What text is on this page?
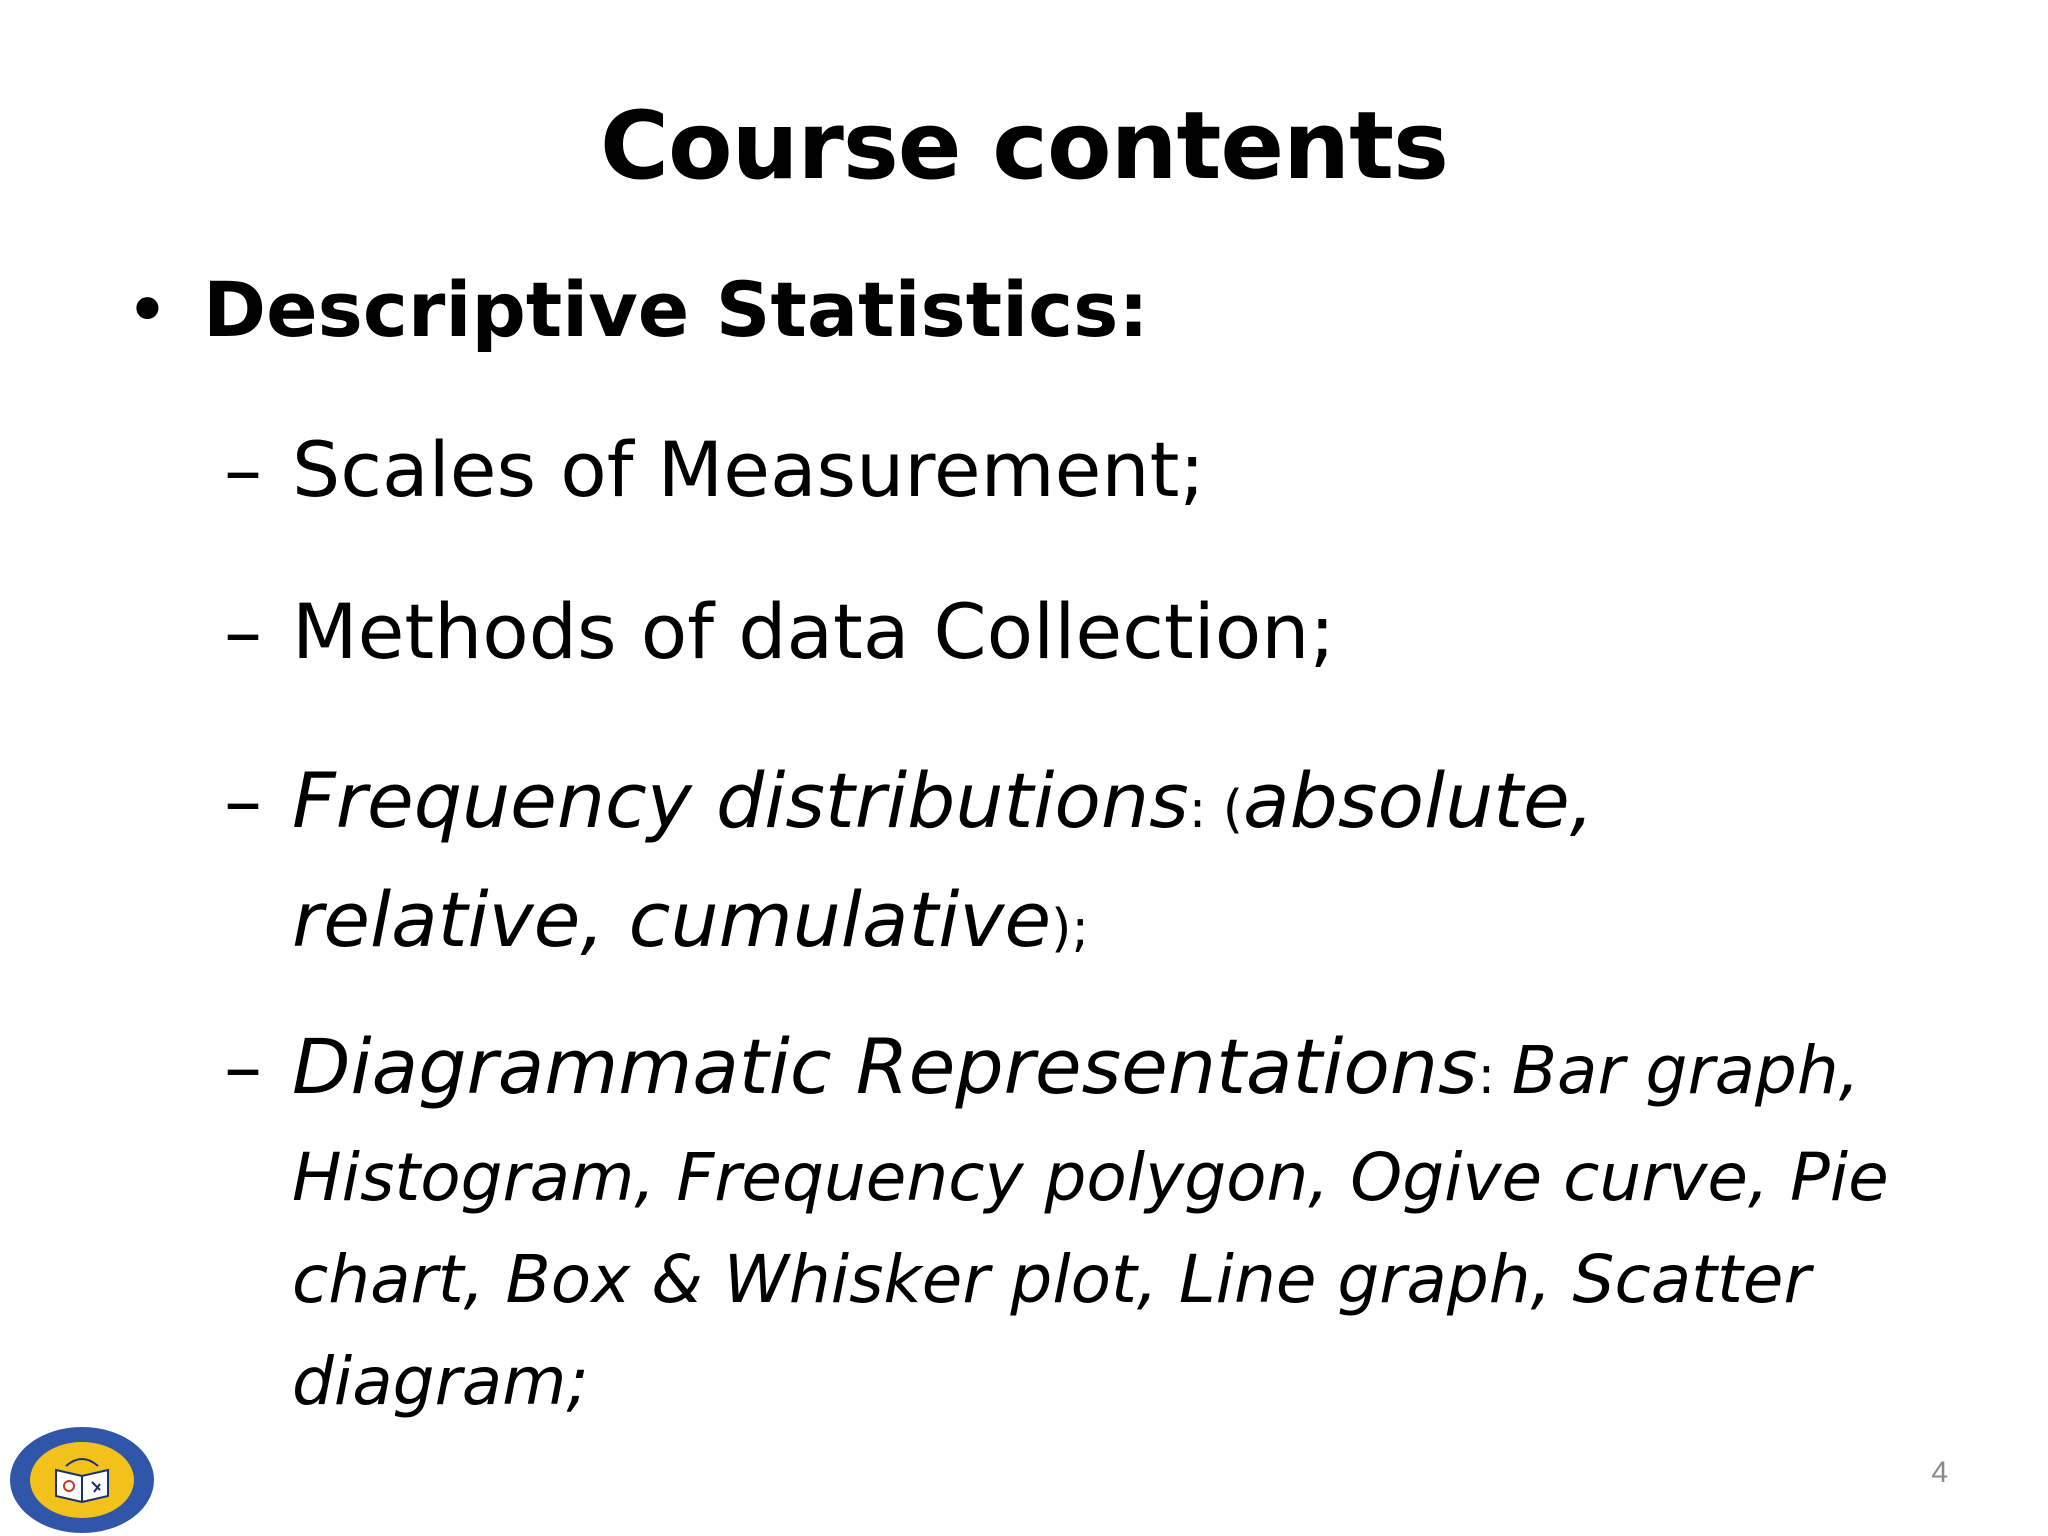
Course contents
• Descriptive Statistics:
– Scales of Measurement;
– Methods of data Collection;
– Frequency distributions: (absolute, relative, cumulative);
– Diagrammatic Representations: Bar graph, Histogram, Frequency polygon, Ogive curve, Pie chart, Box & Whisker plot, Line graph, Scatter diagram;
4
